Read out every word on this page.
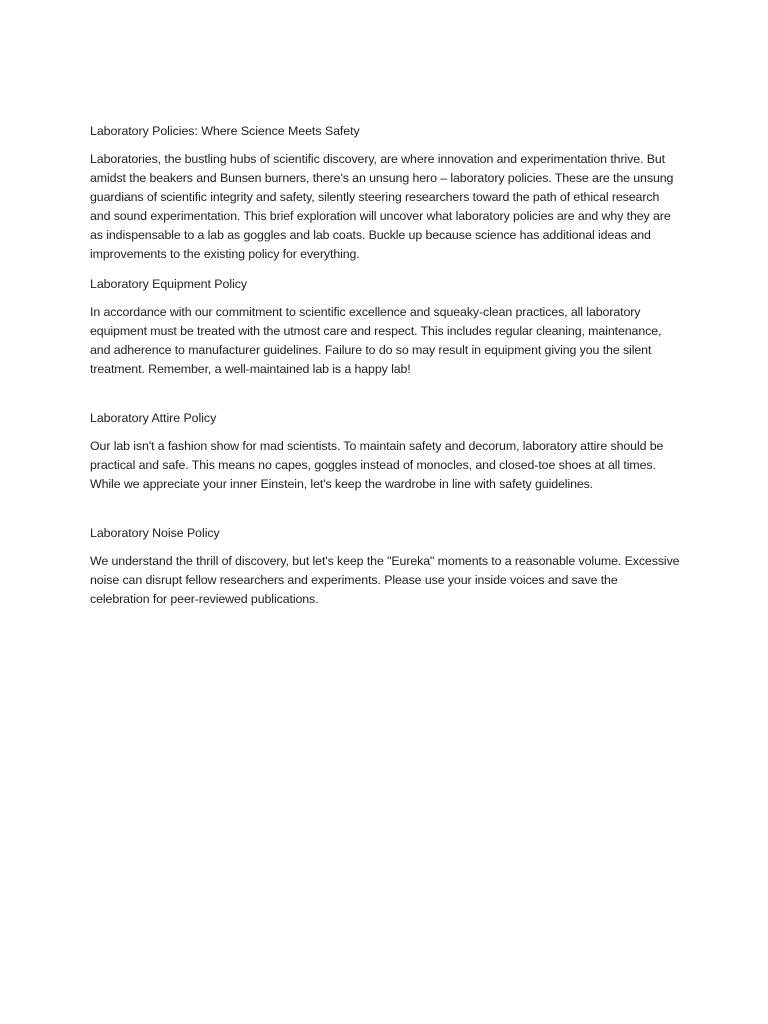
Laboratory Policies: Where Science Meets Safety

Laboratories, the bustling hubs of scientific discovery, are where innovation and experimentation thrive. But amidst the beakers and Bunsen burners, there's an unsung hero – laboratory policies. These are the unsung guardians of scientific integrity and safety, silently steering researchers toward the path of ethical research and sound experimentation. This brief exploration will uncover what laboratory policies are and why they are as indispensable to a lab as goggles and lab coats. Buckle up because science has additional ideas and improvements to the existing policy for everything.

Laboratory Equipment Policy

In accordance with our commitment to scientific excellence and squeaky-clean practices, all laboratory equipment must be treated with the utmost care and respect. This includes regular cleaning, maintenance, and adherence to manufacturer guidelines. Failure to do so may result in equipment giving you the silent treatment. Remember, a well-maintained lab is a happy lab!

Laboratory Attire Policy

Our lab isn't a fashion show for mad scientists. To maintain safety and decorum, laboratory attire should be practical and safe. This means no capes, goggles instead of monocles, and closed-toe shoes at all times. While we appreciate your inner Einstein, let's keep the wardrobe in line with safety guidelines.

Laboratory Noise Policy

We understand the thrill of discovery, but let's keep the "Eureka" moments to a reasonable volume. Excessive noise can disrupt fellow researchers and experiments. Please use your inside voices and save the celebration for peer-reviewed publications.
